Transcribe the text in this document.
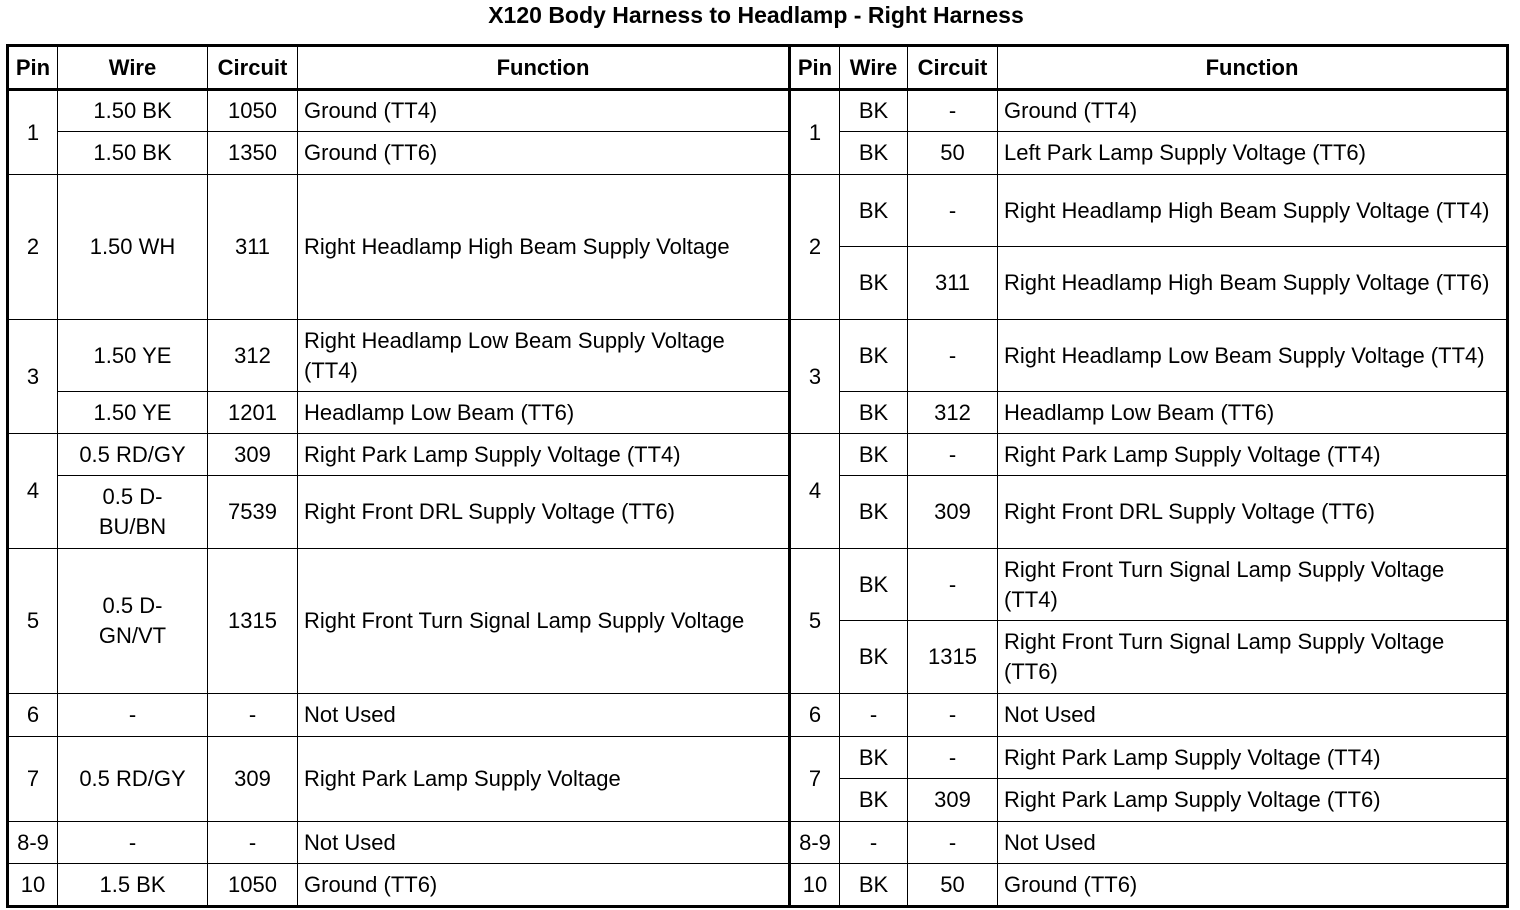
X120 Body Harness to Headlamp - Right Harness
Pin	Wire	Circuit	Function	Pin	Wire	Circuit	Function
1	1.50 BK	1050	Ground (TT4)	1	BK	-	Ground (TT4)
	1.50 BK	1350	Ground (TT6)		BK	50	Left Park Lamp Supply Voltage (TT6)
2	1.50 WH	311	Right Headlamp High Beam Supply Voltage	2	BK	-	Right Headlamp High Beam Supply Voltage (TT4)
					BK	311	Right Headlamp High Beam Supply Voltage (TT6)
3	1.50 YE	312	Right Headlamp Low Beam Supply Voltage (TT4)	3	BK	-	Right Headlamp Low Beam Supply Voltage (TT4)
	1.50 YE	1201	Headlamp Low Beam (TT6)		BK	312	Headlamp Low Beam (TT6)
4	0.5 RD/GY	309	Right Park Lamp Supply Voltage (TT4)	4	BK	-	Right Park Lamp Supply Voltage (TT4)
	0.5 D-BU/BN	7539	Right Front DRL Supply Voltage (TT6)		BK	309	Right Front DRL Supply Voltage (TT6)
5	0.5 D-GN/VT	1315	Right Front Turn Signal Lamp Supply Voltage	5	BK	-	Right Front Turn Signal Lamp Supply Voltage (TT4)
					BK	1315	Right Front Turn Signal Lamp Supply Voltage (TT6)
6	-	-	Not Used	6	-	-	Not Used
7	0.5 RD/GY	309	Right Park Lamp Supply Voltage	7	BK	-	Right Park Lamp Supply Voltage (TT4)
					BK	309	Right Park Lamp Supply Voltage (TT6)
8-9	-	-	Not Used	8-9	-	-	Not Used
10	1.5 BK	1050	Ground (TT6)	10	BK	50	Ground (TT6)
